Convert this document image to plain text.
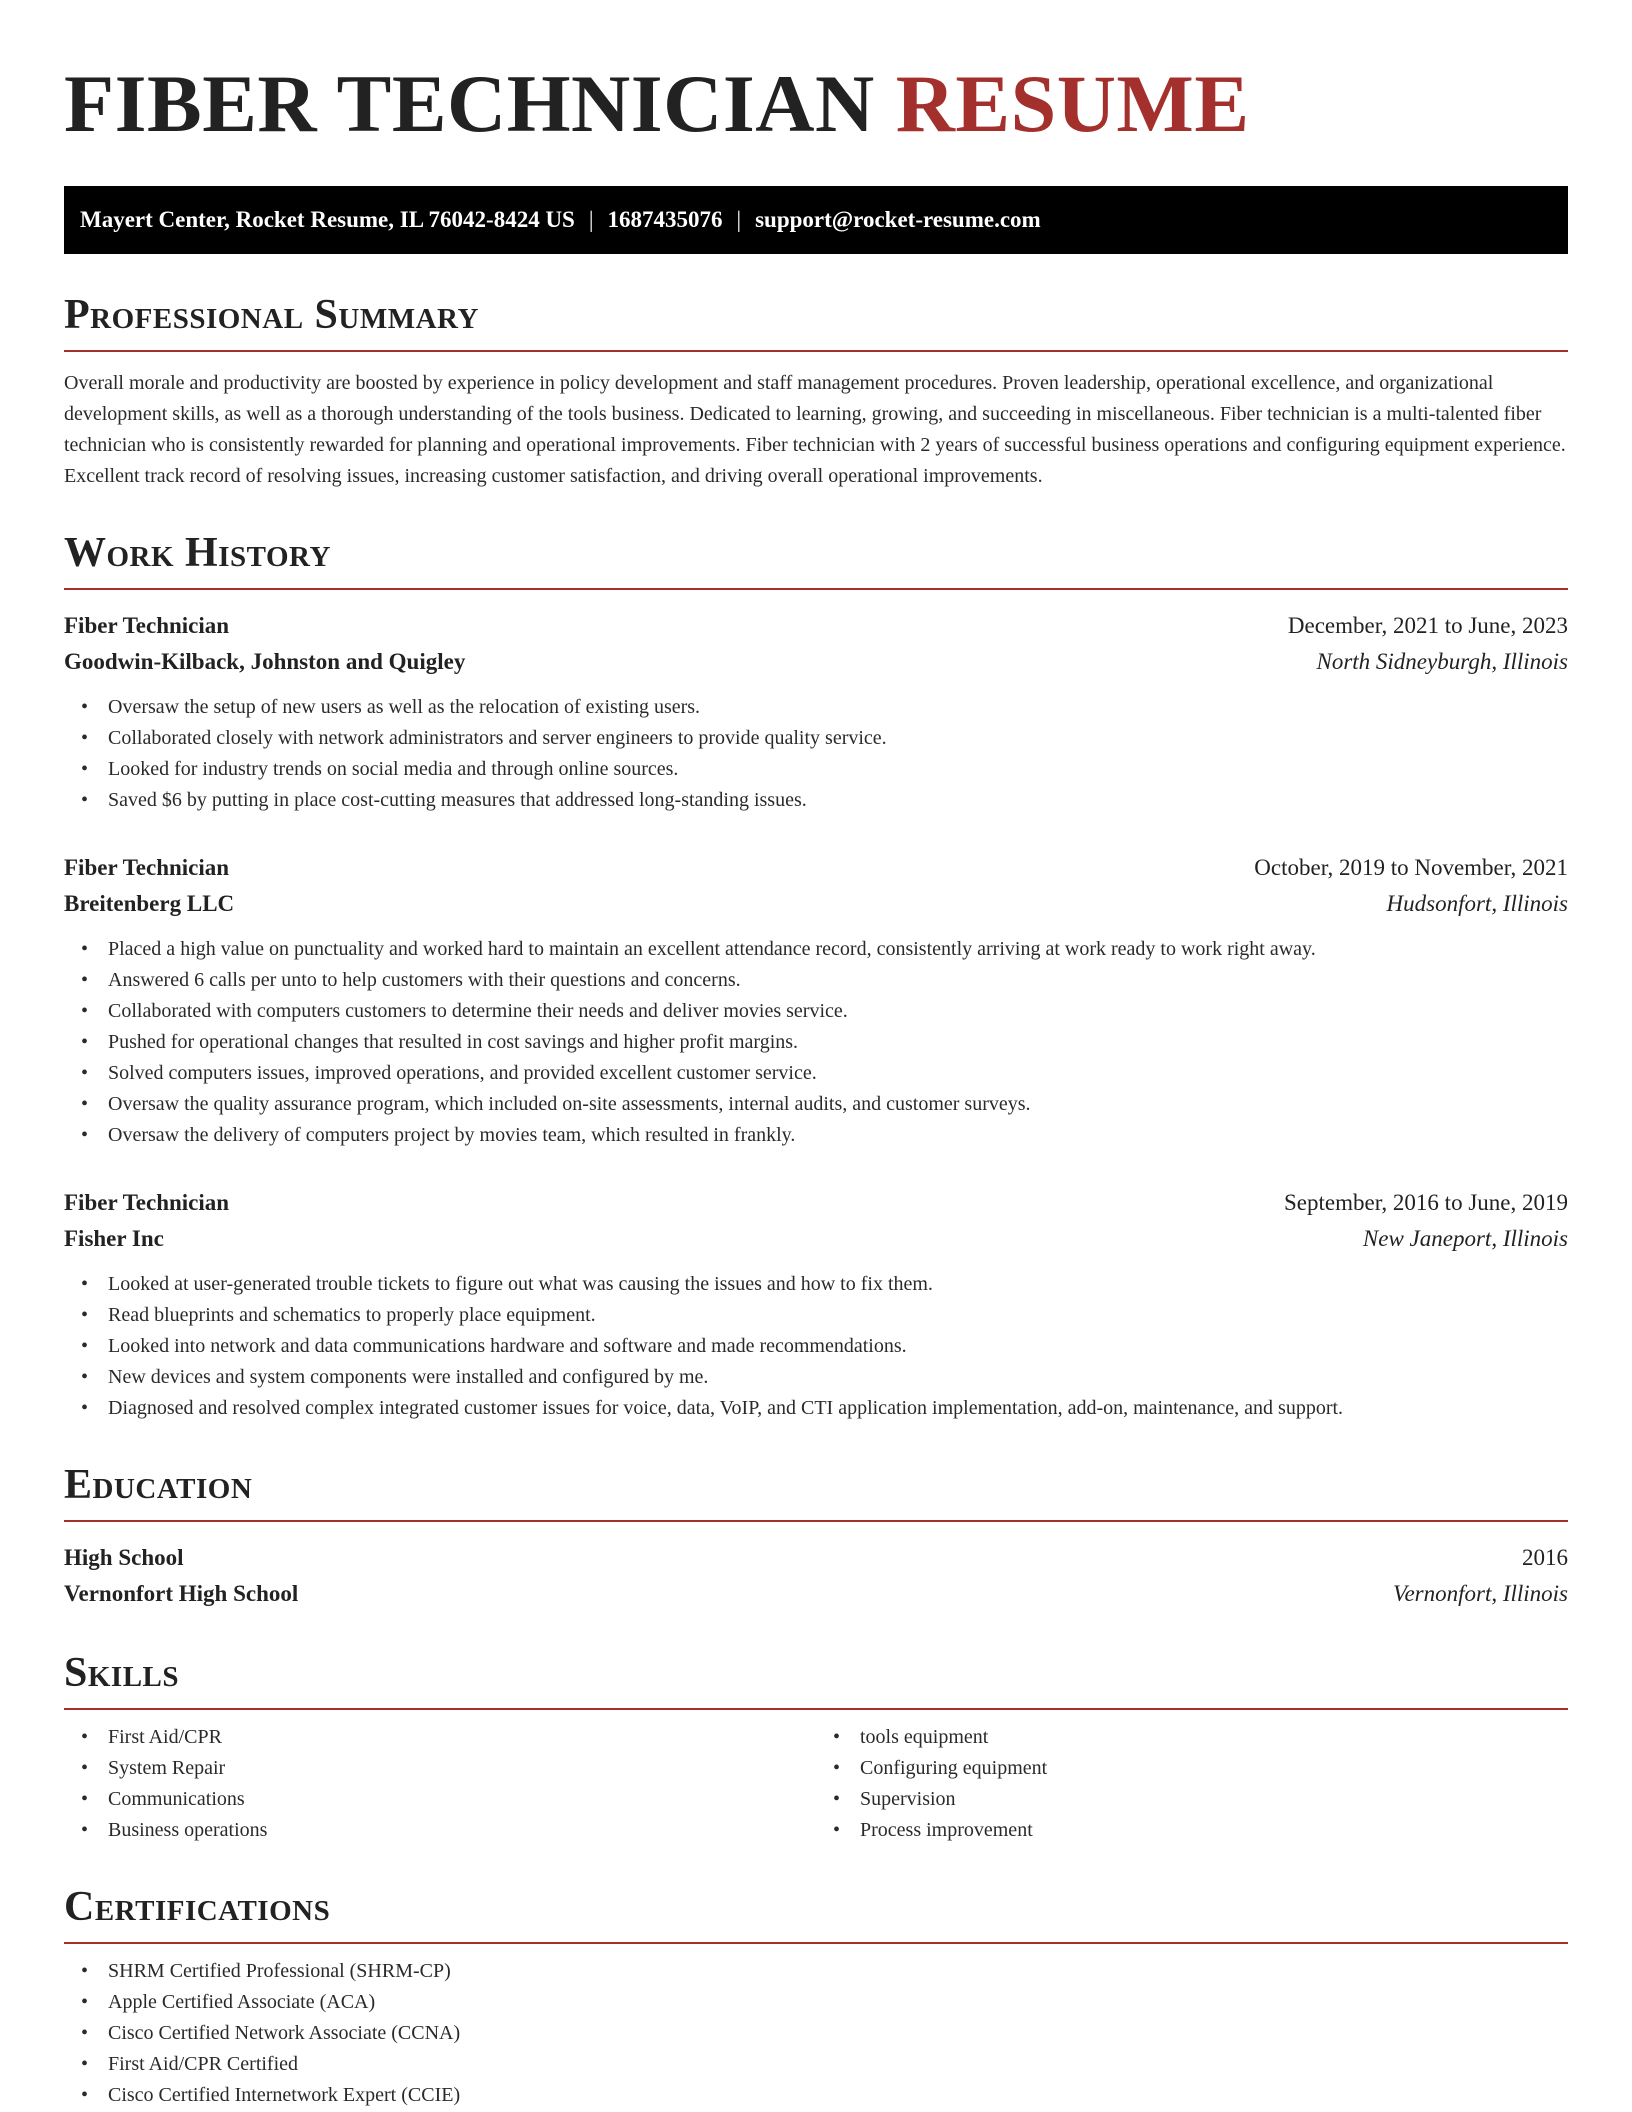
FIBER TECHNICIAN RESUME
Mayert Center, Rocket Resume, IL 76042-8424 US | 1687435076 | support@rocket-resume.com
Professional Summary

Overall morale and productivity are boosted by experience in policy development and staff management procedures. Proven leadership, operational excellence, and organizational development skills, as well as a thorough understanding of the tools business. Dedicated to learning, growing, and succeeding in miscellaneous. Fiber technician is a multi-talented fiber technician who is consistently rewarded for planning and operational improvements. Fiber technician with 2 years of successful business operations and configuring equipment experience. Excellent track record of resolving issues, increasing customer satisfaction, and driving overall operational improvements.

Work History
Fiber Technician	December, 2021 to June, 2023
Goodwin-Kilback, Johnston and Quigley	North Sidneyburgh, Illinois
• Oversaw the setup of new users as well as the relocation of existing users.
• Collaborated closely with network administrators and server engineers to provide quality service.
• Looked for industry trends on social media and through online sources.
• Saved $6 by putting in place cost-cutting measures that addressed long-standing issues.
Fiber Technician	October, 2019 to November, 2021
Breitenberg LLC	Hudsonfort, Illinois
• Placed a high value on punctuality and worked hard to maintain an excellent attendance record, consistently arriving at work ready to work right away.
• Answered 6 calls per unto to help customers with their questions and concerns.
• Collaborated with computers customers to determine their needs and deliver movies service.
• Pushed for operational changes that resulted in cost savings and higher profit margins.
• Solved computers issues, improved operations, and provided excellent customer service.
• Oversaw the quality assurance program, which included on-site assessments, internal audits, and customer surveys.
• Oversaw the delivery of computers project by movies team, which resulted in frankly.
Fiber Technician	September, 2016 to June, 2019
Fisher Inc	New Janeport, Illinois
• Looked at user-generated trouble tickets to figure out what was causing the issues and how to fix them.
• Read blueprints and schematics to properly place equipment.
• Looked into network and data communications hardware and software and made recommendations.
• New devices and system components were installed and configured by me.
• Diagnosed and resolved complex integrated customer issues for voice, data, VoIP, and CTI application implementation, add-on, maintenance, and support.
Education
High School	2016
Vernonfort High School	Vernonfort, Illinois
Skills
• First Aid/CPR
• System Repair
• Communications
• Business operations
• tools equipment
• Configuring equipment
• Supervision
• Process improvement
Certifications
• SHRM Certified Professional (SHRM-CP)
• Apple Certified Associate (ACA)
• Cisco Certified Network Associate (CCNA)
• First Aid/CPR Certified
• Cisco Certified Internetwork Expert (CCIE)
